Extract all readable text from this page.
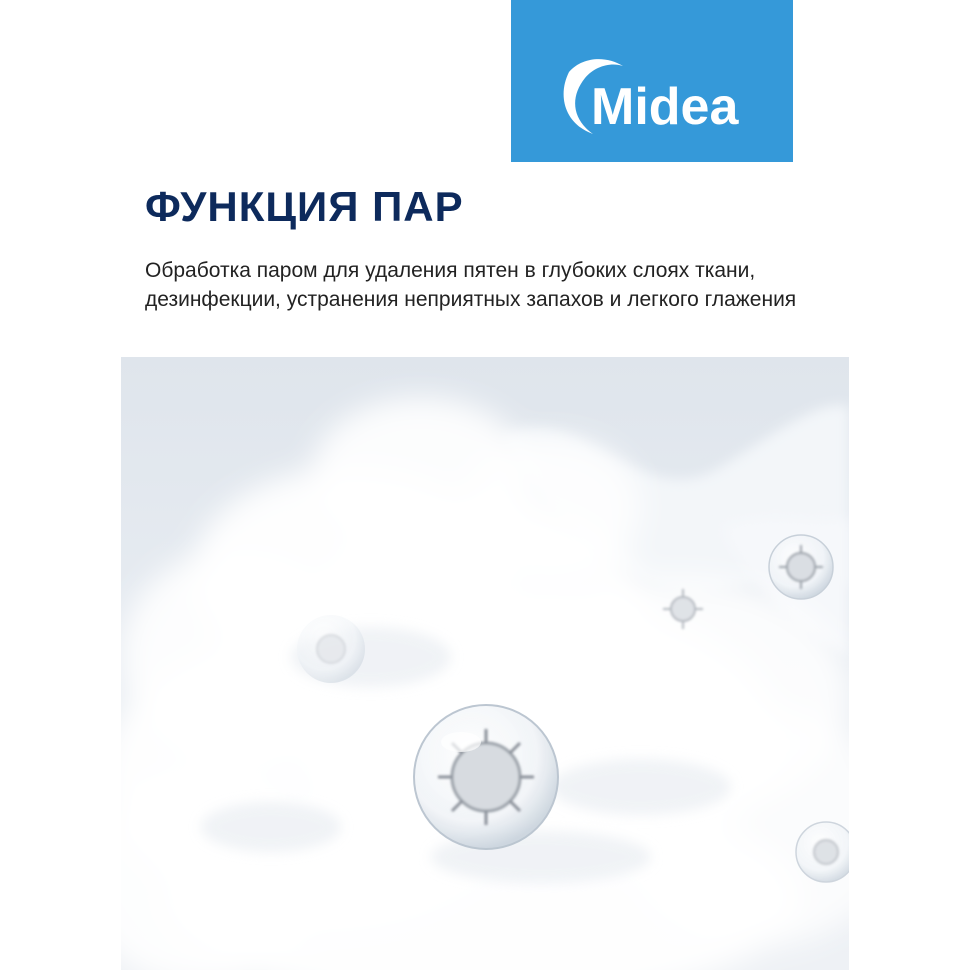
Midea
ФУНКЦИЯ ПАР

Обработка паром для удаления пятен в глубоких слоях ткани, дезинфекции, устранения неприятных запахов и легкого глажения
